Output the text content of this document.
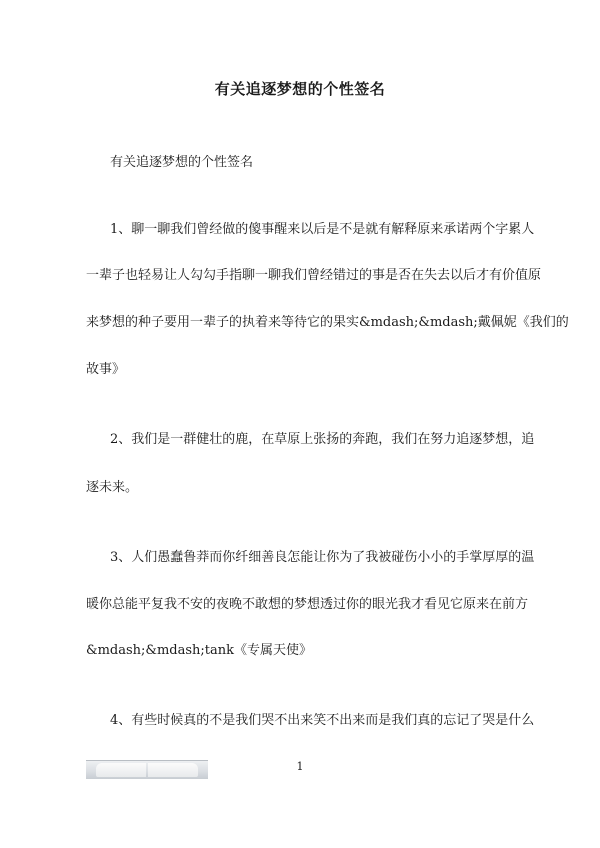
有关追逐梦想的个性签名
有关追逐梦想的个性签名
1、聊一聊我们曾经做的傻事醒来以后是不是就有解释原来承诺两个字累人
一辈子也轻易让人勾勾手指聊一聊我们曾经错过的事是否在失去以后才有价值原
来梦想的种子要用一辈子的执着来等待它的果实&mdash;&mdash;戴佩妮《我们的
故事》
2、我们是一群健壮的鹿，在草原上张扬的奔跑，我们在努力追逐梦想，追
逐未来。
3、人们愚蠢鲁莽而你纤细善良怎能让你为了我被碰伤小小的手掌厚厚的温
暖你总能平复我不安的夜晚不敢想的梦想透过你的眼光我才看见它原来在前方
&mdash;&mdash;tank《专属天使》
4、有些时候真的不是我们哭不出来笑不出来而是我们真的忘记了哭是什么
1
